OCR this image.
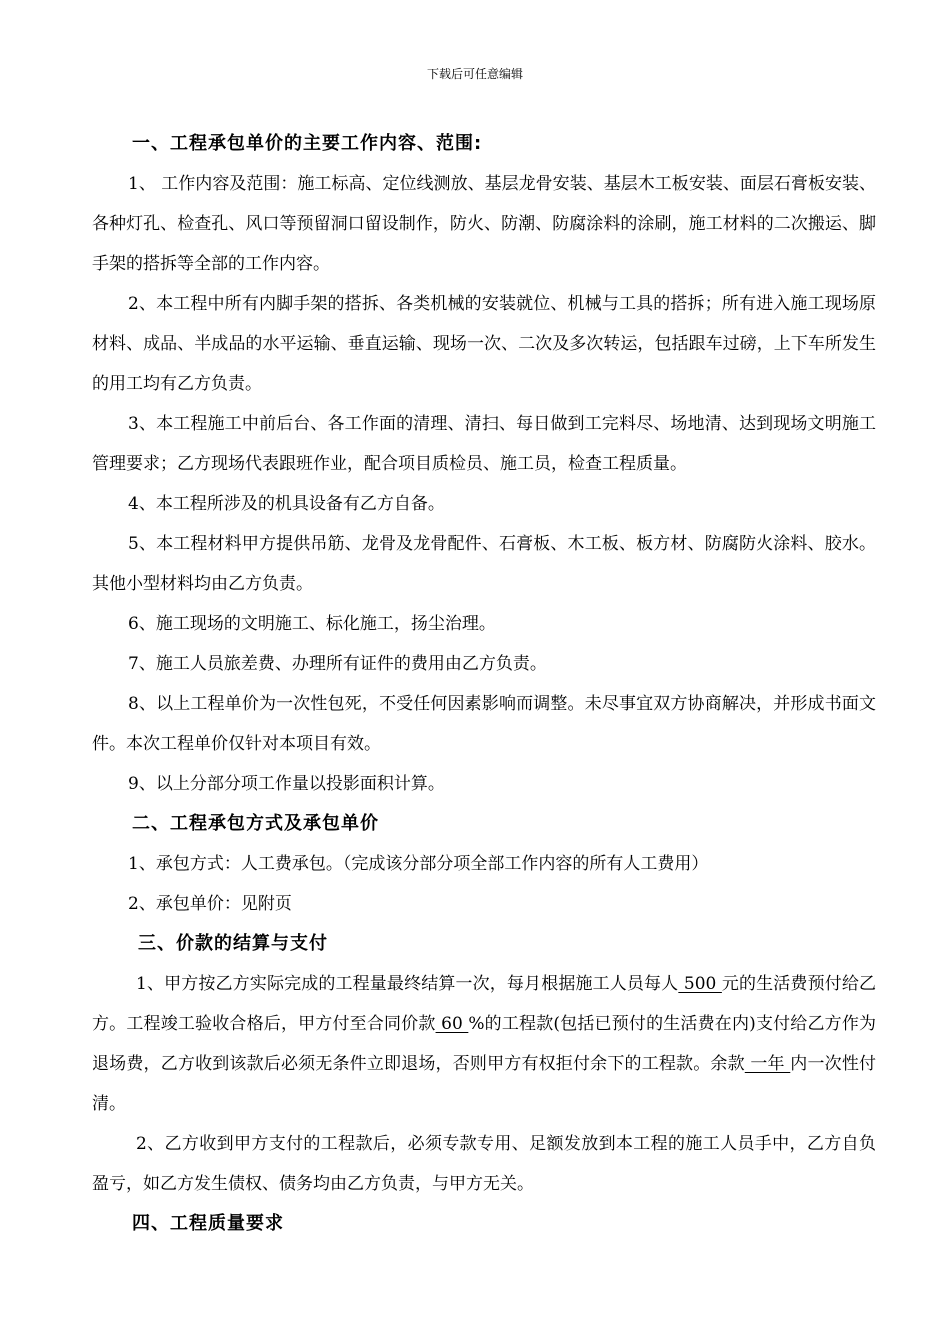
下载后可任意编辑

一、工程承包单价的主要工作内容、范围:

1、 工作内容及范围：施工标高、定位线测放、基层龙骨安装、基层木工板安装、面层石膏板安装、各种灯孔、检查孔、风口等预留洞口留设制作，防火、防潮、防腐涂料的涂刷，施工材料的二次搬运、脚手架的搭拆等全部的工作内容。

2、本工程中所有内脚手架的搭拆、各类机械的安装就位、机械与工具的搭拆；所有进入施工现场原材料、成品、半成品的水平运输、垂直运输、现场一次、二次及多次转运，包括跟车过磅，上下车所发生的用工均有乙方负责。

3、本工程施工中前后台、各工作面的清理、清扫、每日做到工完料尽、场地清、达到现场文明施工管理要求；乙方现场代表跟班作业，配合项目质检员、施工员，检查工程质量。

4、本工程所涉及的机具设备有乙方自备。

5、本工程材料甲方提供吊筋、龙骨及龙骨配件、石膏板、木工板、板方材、防腐防火涂料、胶水。其他小型材料均由乙方负责。

6、施工现场的文明施工、标化施工，扬尘治理。

7、施工人员旅差费、办理所有证件的费用由乙方负责。

8、以上工程单价为一次性包死，不受任何因素影响而调整。未尽事宜双方协商解决，并形成书面文件。本次工程单价仅针对本项目有效。

9、以上分部分项工作量以投影面积计算。

二、工程承包方式及承包单价

1、承包方式：人工费承包。（完成该分部分项全部工作内容的所有人工费用）

2、承包单价：见附页

三、价款的结算与支付

1、甲方按乙方实际完成的工程量最终结算一次，每月根据施工人员每人 500 元的生活费预付给乙方。工程竣工验收合格后，甲方付至合同价款 60 %的工程款(包括已预付的生活费在内)支付给乙方作为退场费，乙方收到该款后必须无条件立即退场，否则甲方有权拒付余下的工程款。余款 一年 内一次性付清。

2、乙方收到甲方支付的工程款后，必须专款专用、足额发放到本工程的施工人员手中，乙方自负盈亏，如乙方发生债权、债务均由乙方负责，与甲方无关。

四、工程质量要求
